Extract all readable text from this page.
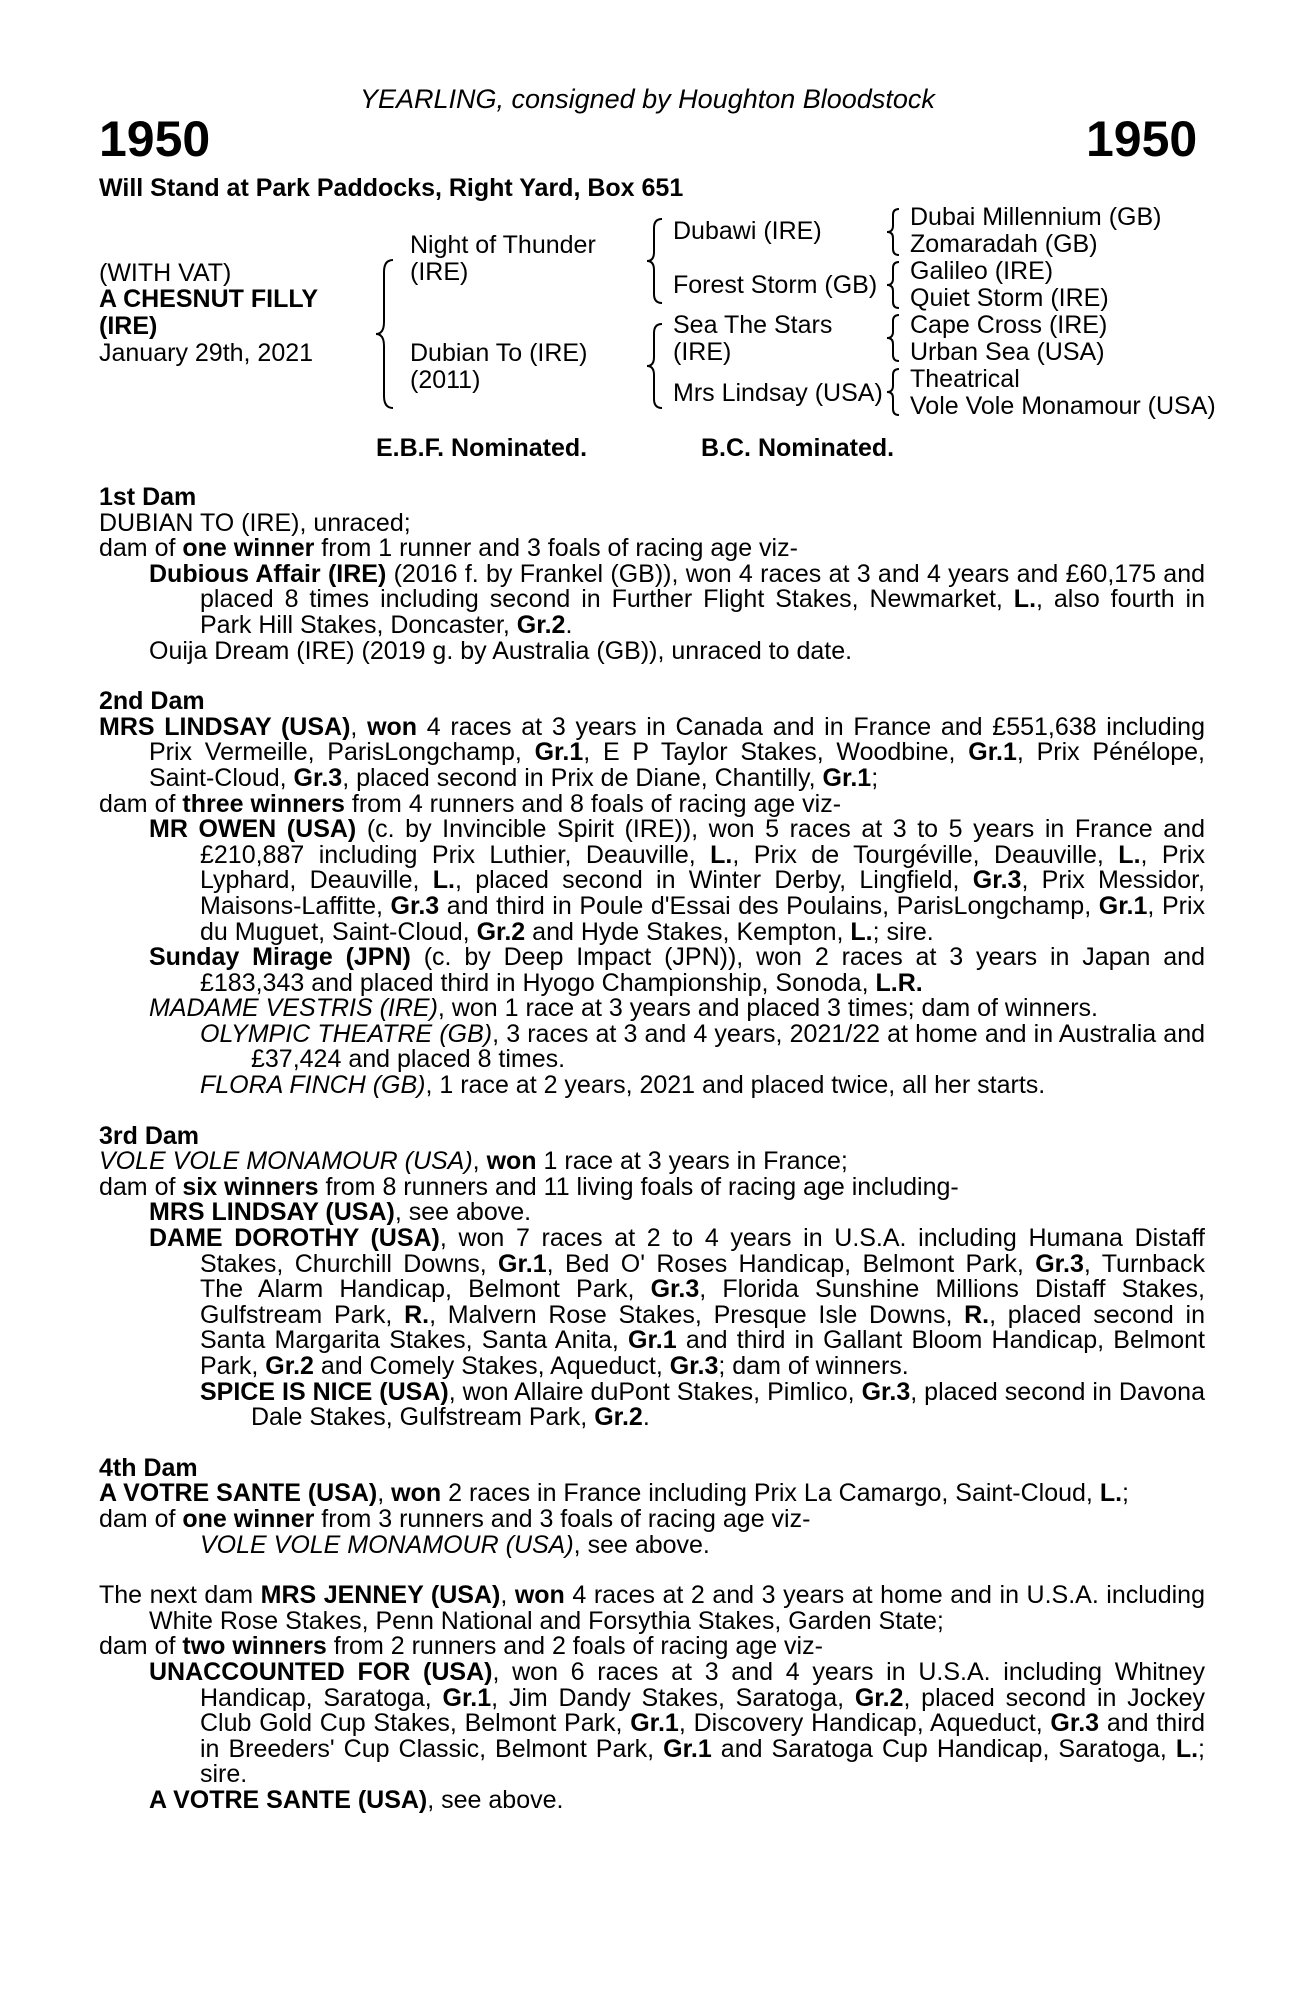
YEARLING, consigned by Houghton Bloodstock
1950	1950
Will Stand at Park Paddocks, Right Yard, Box 651
(WITH VAT)
A CHESNUT FILLY
(IRE)
January 29th, 2021
Night of Thunder
(IRE)
Dubian To (IRE)
(2011)
Dubawi (IRE)
Forest Storm (GB)
Sea The Stars
(IRE)
Mrs Lindsay (USA)
Dubai Millennium (GB)
Zomaradah (GB)
Galileo (IRE)
Quiet Storm (IRE)
Cape Cross (IRE)
Urban Sea (USA)
Theatrical
Vole Vole Monamour (USA)
E.B.F. Nominated.	B.C. Nominated.

1st Dam

DUBIAN TO (IRE), unraced;

dam of one winner from 1 runner and 3 foals of racing age viz-

Dubious Affair (IRE) (2016 f. by Frankel (GB)), won 4 races at 3 and 4 years and £60,175 and placed 8 times including second in Further Flight Stakes, Newmarket, L., also fourth in Park Hill Stakes, Doncaster, Gr.2.

Ouija Dream (IRE) (2019 g. by Australia (GB)), unraced to date.

2nd Dam

MRS LINDSAY (USA), won 4 races at 3 years in Canada and in France and £551,638 including Prix Vermeille, ParisLongchamp, Gr.1, E P Taylor Stakes, Woodbine, Gr.1, Prix Pénélope, Saint-Cloud, Gr.3, placed second in Prix de Diane, Chantilly, Gr.1;

dam of three winners from 4 runners and 8 foals of racing age viz-

MR OWEN (USA) (c. by Invincible Spirit (IRE)), won 5 races at 3 to 5 years in France and £210,887 including Prix Luthier, Deauville, L., Prix de Tourgéville, Deauville, L., Prix Lyphard, Deauville, L., placed second in Winter Derby, Lingfield, Gr.3, Prix Messidor, Maisons-Laffitte, Gr.3 and third in Poule d'Essai des Poulains, ParisLongchamp, Gr.1, Prix du Muguet, Saint-Cloud, Gr.2 and Hyde Stakes, Kempton, L.; sire.

Sunday Mirage (JPN) (c. by Deep Impact (JPN)), won 2 races at 3 years in Japan and £183,343 and placed third in Hyogo Championship, Sonoda, L.R.

MADAME VESTRIS (IRE), won 1 race at 3 years and placed 3 times; dam of winners.

OLYMPIC THEATRE (GB), 3 races at 3 and 4 years, 2021/22 at home and in Australia and £37,424 and placed 8 times.

FLORA FINCH (GB), 1 race at 2 years, 2021 and placed twice, all her starts.

3rd Dam

VOLE VOLE MONAMOUR (USA), won 1 race at 3 years in France;

dam of six winners from 8 runners and 11 living foals of racing age including-

MRS LINDSAY (USA), see above.

DAME DOROTHY (USA), won 7 races at 2 to 4 years in U.S.A. including Humana Distaff Stakes, Churchill Downs, Gr.1, Bed O' Roses Handicap, Belmont Park, Gr.3, Turnback The Alarm Handicap, Belmont Park, Gr.3, Florida Sunshine Millions Distaff Stakes, Gulfstream Park, R., Malvern Rose Stakes, Presque Isle Downs, R., placed second in Santa Margarita Stakes, Santa Anita, Gr.1 and third in Gallant Bloom Handicap, Belmont Park, Gr.2 and Comely Stakes, Aqueduct, Gr.3; dam of winners.

SPICE IS NICE (USA), won Allaire duPont Stakes, Pimlico, Gr.3, placed second in Davona Dale Stakes, Gulfstream Park, Gr.2.

4th Dam

A VOTRE SANTE (USA), won 2 races in France including Prix La Camargo, Saint-Cloud, L.;

dam of one winner from 3 runners and 3 foals of racing age viz-

VOLE VOLE MONAMOUR (USA), see above.

The next dam MRS JENNEY (USA), won 4 races at 2 and 3 years at home and in U.S.A. including White Rose Stakes, Penn National and Forsythia Stakes, Garden State;

dam of two winners from 2 runners and 2 foals of racing age viz-

UNACCOUNTED FOR (USA), won 6 races at 3 and 4 years in U.S.A. including Whitney Handicap, Saratoga, Gr.1, Jim Dandy Stakes, Saratoga, Gr.2, placed second in Jockey Club Gold Cup Stakes, Belmont Park, Gr.1, Discovery Handicap, Aqueduct, Gr.3 and third in Breeders' Cup Classic, Belmont Park, Gr.1 and Saratoga Cup Handicap, Saratoga, L.; sire.

A VOTRE SANTE (USA), see above.
